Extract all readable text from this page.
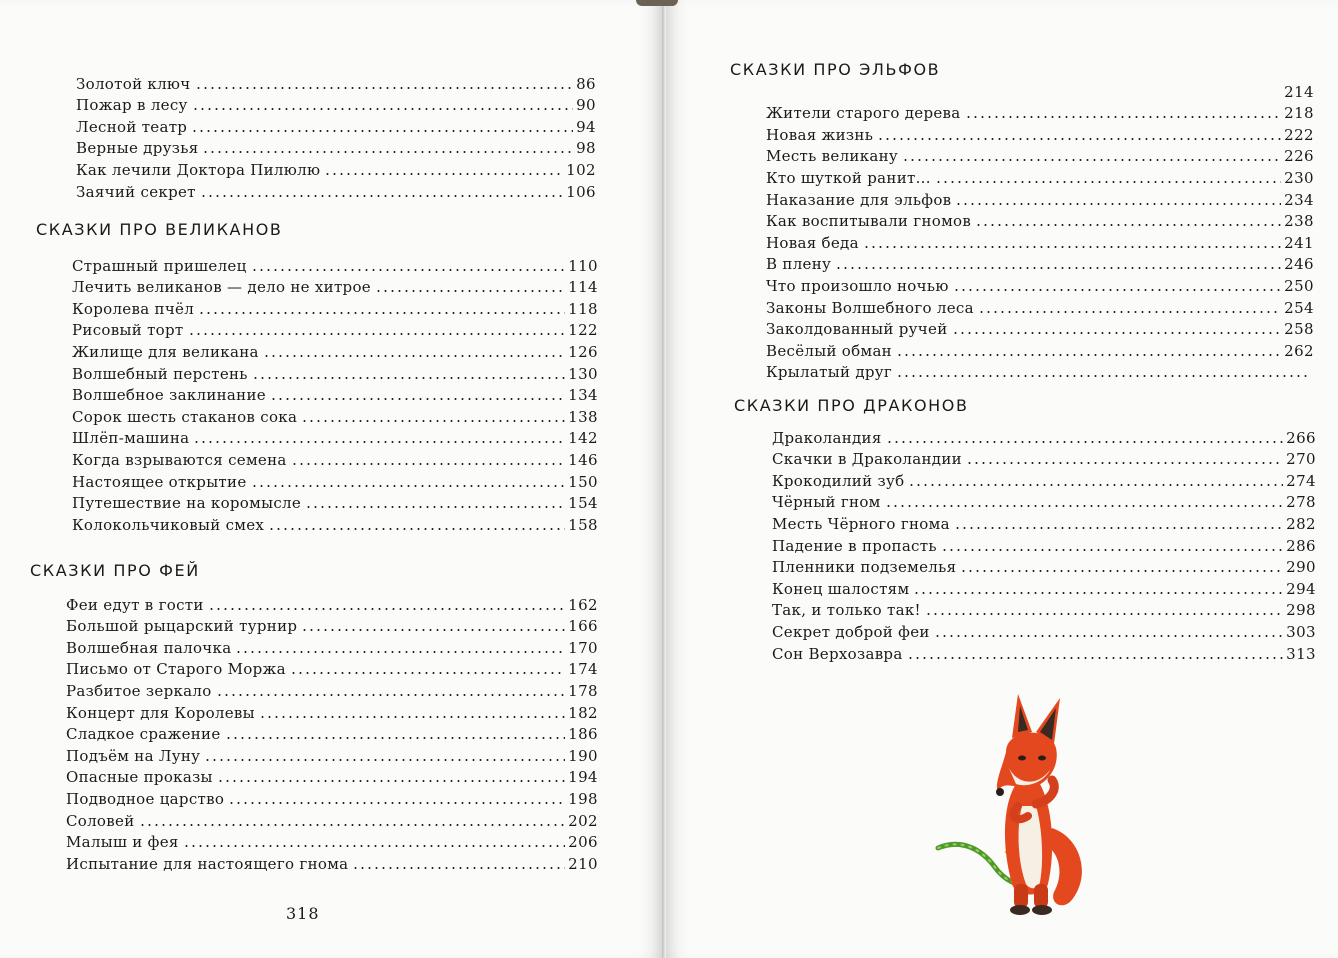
Золотой ключ	86
Пожар в лесу	90
Лесной театр	94
Верные друзья	98
Как лечили Доктора Пилюлю	102
Заячий секрет	106
СКАЗКИ ПРО ВЕЛИКАНОВ
Страшный пришелец	110
Лечить великанов — дело не хитрое	114
Королева пчёл	118
Рисовый торт	122
Жилище для великана	126
Волшебный перстень	130
Волшебное заклинание	134
Сорок шесть стаканов сока	138
Шлёп-машина	142
Когда взрываются семена	146
Настоящее открытие	150
Путешествие на коромысле	154
Колокольчиковый смех	158
СКАЗКИ ПРО ФЕЙ
Феи едут в гости	162
Большой рыцарский турнир	166
Волшебная палочка	170
Письмо от Старого Моржа	174
Разбитое зеркало	178
Концерт для Королевы	182
Сладкое сражение	186
Подъём на Луну	190
Опасные проказы	194
Подводное царство	198
Соловей	202
Малыш и фея	206
Испытание для настоящего гнома	210
318
СКАЗКИ ПРО ЭЛЬФОВ
214
Жители старого дерева	218
Новая жизнь	222
Месть великану	226
Кто шуткой ранит...	230
Наказание для эльфов	234
Как воспитывали гномов	238
Новая беда	241
В плену	246
Что произошло ночью	250
Законы Волшебного леса	254
Заколдованный ручей	258
Весёлый обман	262
Крылатый друг
СКАЗКИ ПРО ДРАКОНОВ
Драколандия	266
Скачки в Драколандии	270
Крокодилий зуб	274
Чёрный гном	278
Месть Чёрного гнома	282
Падение в пропасть	286
Пленники подземелья	290
Конец шалостям	294
Так, и только так!	298
Секрет доброй феи	303
Сон Верхозавра	313
